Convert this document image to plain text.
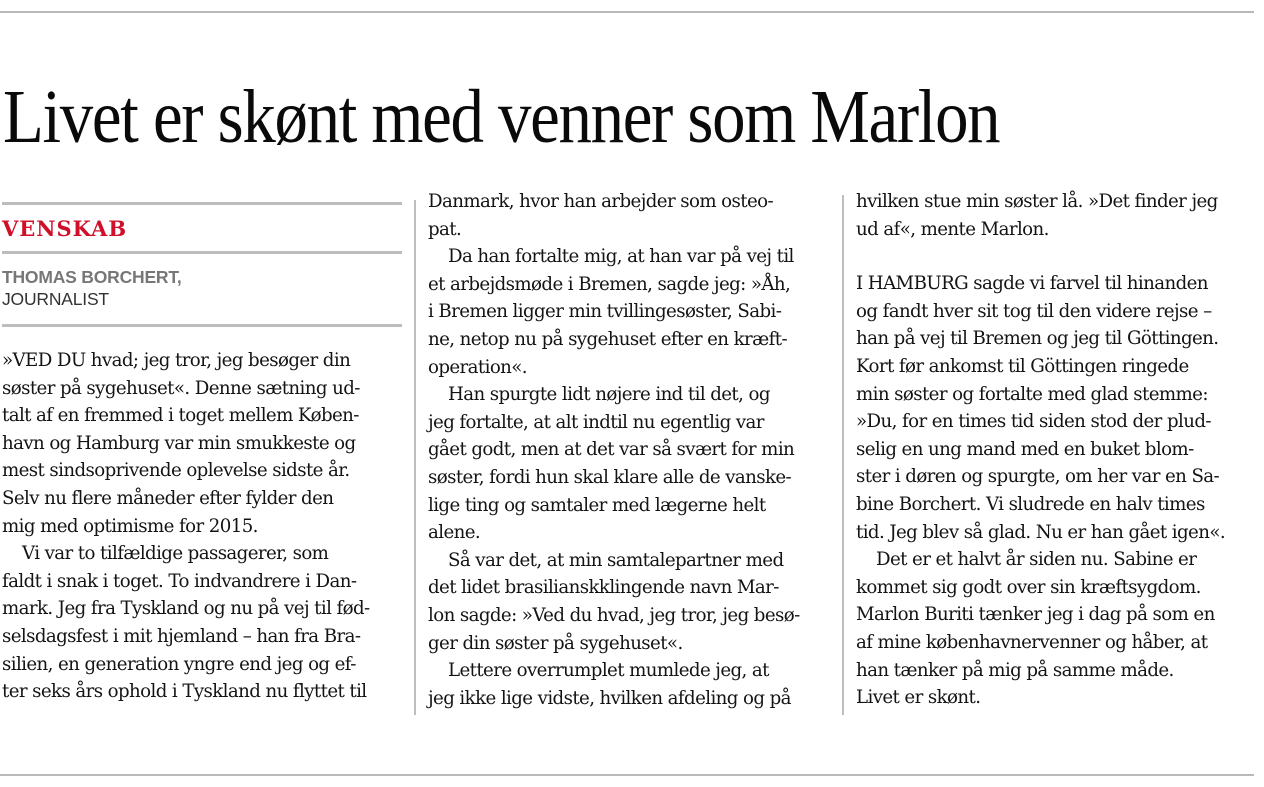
Livet er skønt med venner som Marlon
VENSKAB
THOMAS BORCHERT,
JOURNALIST
»VED DU hvad; jeg tror, jeg besøger din
søster på sygehuset«. Denne sætning ud-
talt af en fremmed i toget mellem Køben-
havn og Hamburg var min smukkeste og
mest sindsoprivende oplevelse sidste år.
Selv nu flere måneder efter fylder den
mig med optimisme for 2015.
Vi var to tilfældige passagerer, som
faldt i snak i toget. To indvandrere i Dan-
mark. Jeg fra Tyskland og nu på vej til fød-
selsdagsfest i mit hjemland – han fra Bra-
silien, en generation yngre end jeg og ef-
ter seks års ophold i Tyskland nu flyttet til
Danmark, hvor han arbejder som osteo-
pat.
Da han fortalte mig, at han var på vej til
et arbejdsmøde i Bremen, sagde jeg: »Åh,
i Bremen ligger min tvillingesøster, Sabi-
ne, netop nu på sygehuset efter en kræft-
operation«.
Han spurgte lidt nøjere ind til det, og
jeg fortalte, at alt indtil nu egentlig var
gået godt, men at det var så svært for min
søster, fordi hun skal klare alle de vanske-
lige ting og samtaler med lægerne helt
alene.
Så var det, at min samtalepartner med
det lidet brasilianskklingende navn Mar-
lon sagde: »Ved du hvad, jeg tror, jeg besø-
ger din søster på sygehuset«.
Lettere overrumplet mumlede jeg, at
jeg ikke lige vidste, hvilken afdeling og på
hvilken stue min søster lå. »Det finder jeg
ud af«, mente Marlon.
I HAMBURG sagde vi farvel til hinanden
og fandt hver sit tog til den videre rejse –
han på vej til Bremen og jeg til Göttingen.
Kort før ankomst til Göttingen ringede
min søster og fortalte med glad stemme:
»Du, for en times tid siden stod der plud-
selig en ung mand med en buket blom-
ster i døren og spurgte, om her var en Sa-
bine Borchert. Vi sludrede en halv times
tid. Jeg blev så glad. Nu er han gået igen«.
Det er et halvt år siden nu. Sabine er
kommet sig godt over sin kræftsygdom.
Marlon Buriti tænker jeg i dag på som en
af mine københavnervenner og håber, at
han tænker på mig på samme måde.
Livet er skønt.
